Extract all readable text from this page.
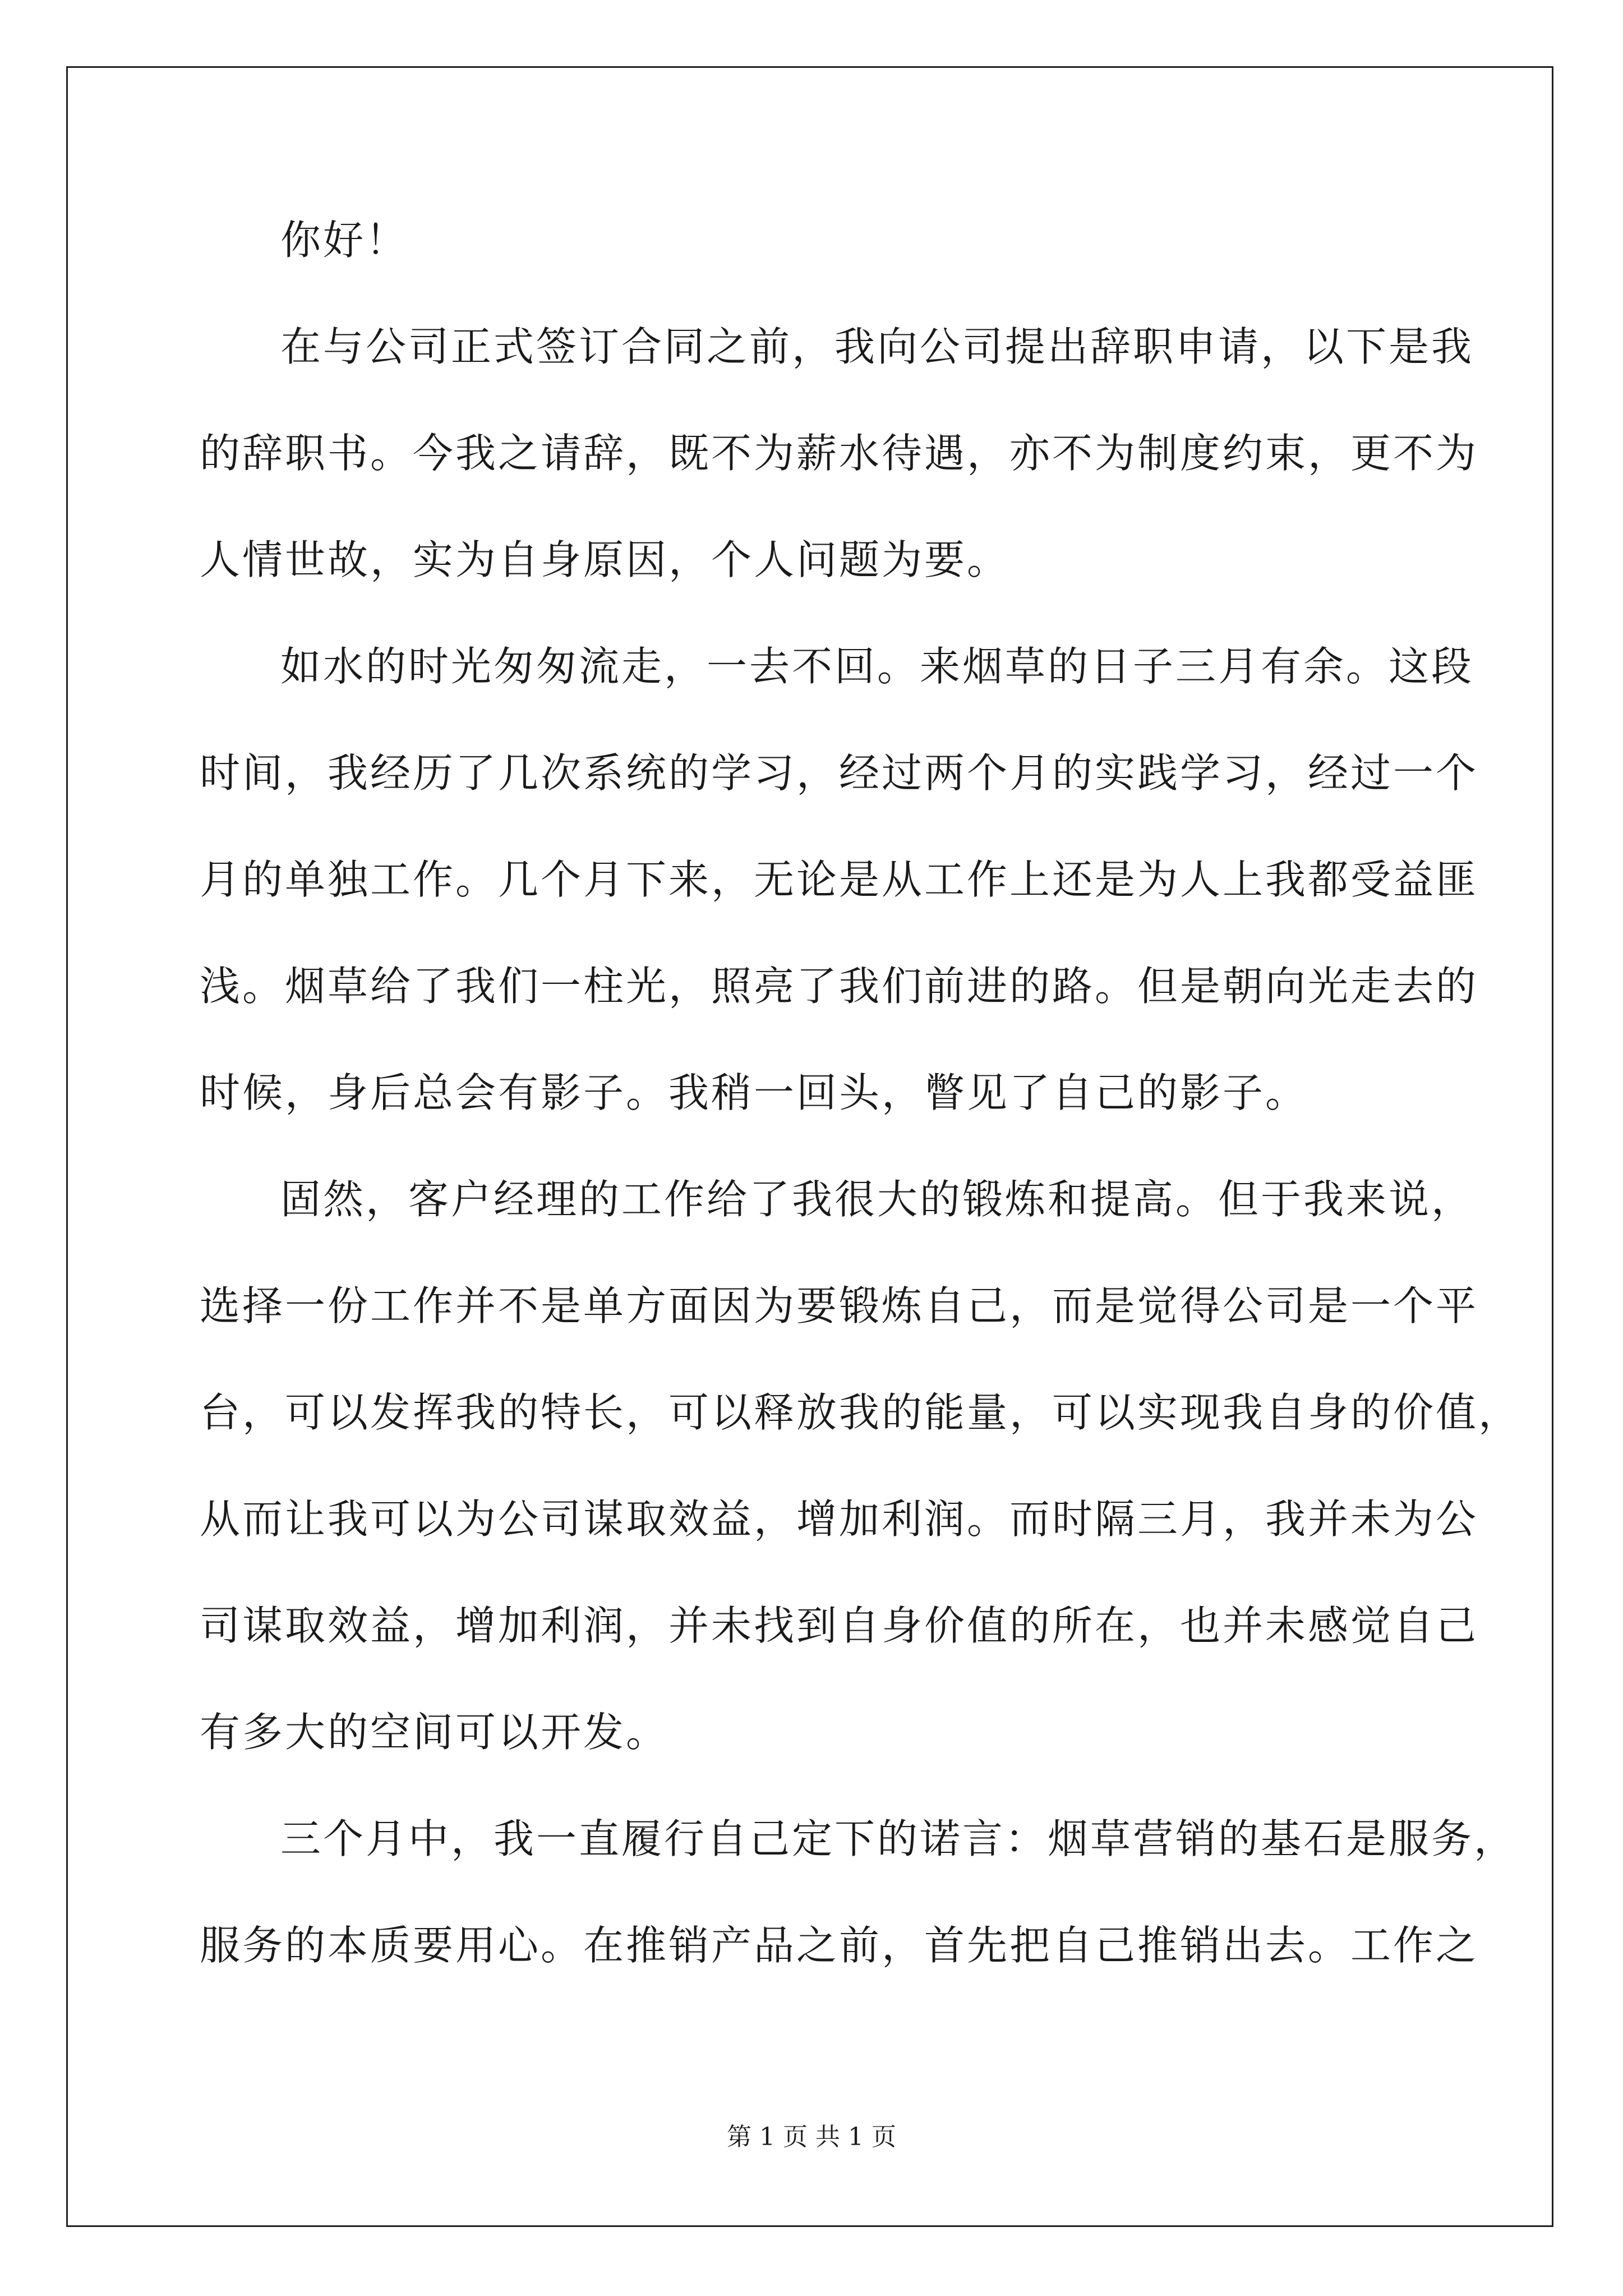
你好！
在与公司正式签订合同之前，我向公司提出辞职申请，以下是我
的辞职书。今我之请辞，既不为薪水待遇，亦不为制度约束，更不为
人情世故，实为自身原因，个人问题为要。
如水的时光匆匆流走，一去不回。来烟草的日子三月有余。这段
时间，我经历了几次系统的学习，经过两个月的实践学习，经过一个
月的单独工作。几个月下来，无论是从工作上还是为人上我都受益匪
浅。烟草给了我们一柱光，照亮了我们前进的路。但是朝向光走去的
时候，身后总会有影子。我稍一回头，瞥见了自己的影子。
固然，客户经理的工作给了我很大的锻炼和提高。但于我来说，
选择一份工作并不是单方面因为要锻炼自己，而是觉得公司是一个平
台，可以发挥我的特长，可以释放我的能量，可以实现我自身的价值，
从而让我可以为公司谋取效益，增加利润。而时隔三月，我并未为公
司谋取效益，增加利润，并未找到自身价值的所在，也并未感觉自己
有多大的空间可以开发。
三个月中，我一直履行自己定下的诺言：烟草营销的基石是服务，
服务的本质要用心。在推销产品之前，首先把自己推销出去。工作之
第 1 页 共 1 页
